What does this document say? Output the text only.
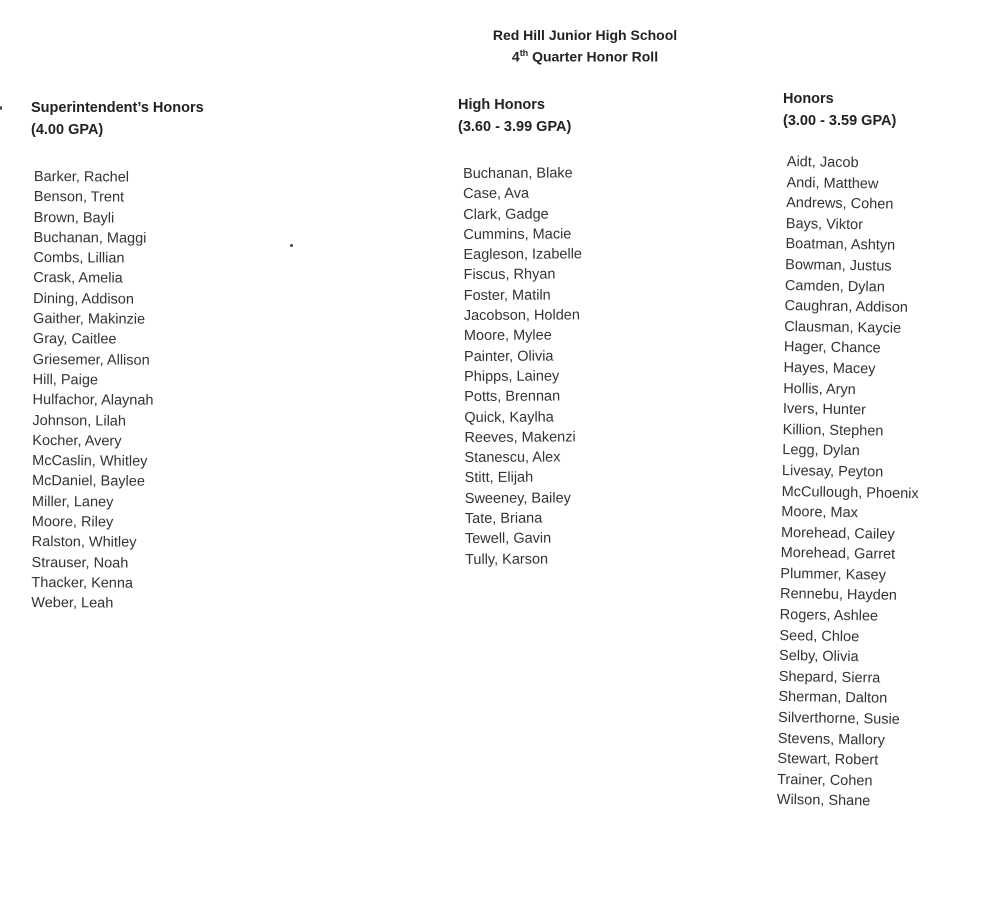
Red Hill Junior High School
4th Quarter Honor Roll
Superintendent’s Honors
(4.00 GPA)
Barker, Rachel
Benson, Trent
Brown, Bayli
Buchanan, Maggi
Combs, Lillian
Crask, Amelia
Dining, Addison
Gaither, Makinzie
Gray, Caitlee
Griesemer, Allison
Hill, Paige
Hulfachor, Alaynah
Johnson, Lilah
Kocher, Avery
McCaslin, Whitley
McDaniel, Baylee
Miller, Laney
Moore, Riley
Ralston, Whitley
Strauser, Noah
Thacker, Kenna
Weber, Leah
High Honors
(3.60 - 3.99 GPA)
Buchanan, Blake
Case, Ava
Clark, Gadge
Cummins, Macie
Eagleson, Izabelle
Fiscus, Rhyan
Foster, Matiln
Jacobson, Holden
Moore, Mylee
Painter, Olivia
Phipps, Lainey
Potts, Brennan
Quick, Kaylha
Reeves, Makenzi
Stanescu, Alex
Stitt, Elijah
Sweeney, Bailey
Tate, Briana
Tewell, Gavin
Tully, Karson
Honors
(3.00 - 3.59 GPA)
Aidt, Jacob
Andi, Matthew
Andrews, Cohen
Bays, Viktor
Boatman, Ashtyn
Bowman, Justus
Camden, Dylan
Caughran, Addison
Clausman, Kaycie
Hager, Chance
Hayes, Macey
Hollis, Aryn
Ivers, Hunter
Killion, Stephen
Legg, Dylan
Livesay, Peyton
McCullough, Phoenix
Moore, Max
Morehead, Cailey
Morehead, Garret
Plummer, Kasey
Rennebu, Hayden
Rogers, Ashlee
Seed, Chloe
Selby, Olivia
Shepard, Sierra
Sherman, Dalton
Silverthorne, Susie
Stevens, Mallory
Stewart, Robert
Trainer, Cohen
Wilson, Shane
